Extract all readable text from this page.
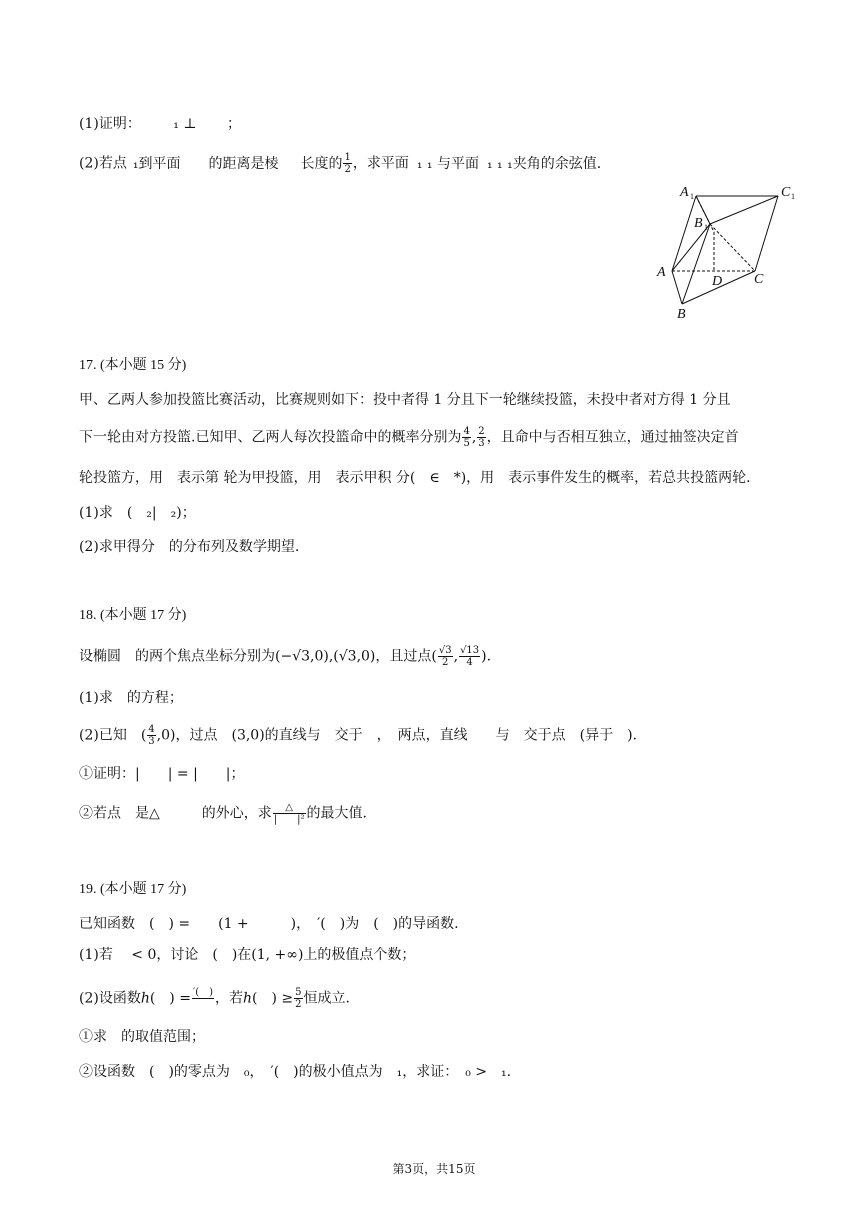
(1)证明： ₁ ⊥ ；
(2)若点 ₁到平面 的距离是棱 长度的 $\frac{1}{2}$ ，求平面 ₁ ₁ 与平面 ₁ ₁ ₁夹角的余弦值.
A 1	C 1
B 1
A
D C
B
17. (本小题 15 分)
甲、乙两人参加投篮比赛活动，比赛规则如下：投中者得 1 分且下一轮继续投篮，未投中者对方得 1 分且
下一轮由对方投篮.已知甲、乙两人每次投篮命中的概率分别为 $\frac{4}{5}$ , $\frac{2}{3}$ ，且命中与否相互独立，通过抽签决定首
轮投篮方，用　表示第 轮为甲投篮，用　表示甲积 分(　∈　*)，用　表示事件发生的概率，若总共投篮两轮.
(1)求　(　₂|　₂)；
(2)求甲得分　的分布列及数学期望.
18. (本小题 17 分)
设椭圆　的两个焦点坐标分别为(−√3,0),(√3,0)，且过点( $\frac{√3}{2}$ , $\frac{√13}{4}$ ).
(1)求　的方程；
(2)已知　( $\frac{4}{3} ,0$)，过点　(3,0)的直线与　交于　，　两点，直线　　与　交于点　(异于　).
①证明：|　　| = |　　|；
②若点　是△　　　的外心，求 $\frac{\triangle}{\text{|　　|²}}$ 的最大值.
19. (本小题 17 分)
已知函数　(　) =　　(1 +　　　)，　′(　)为　(　)的导函数.
(1)若　 < 0，讨论　(　)在(1, +∞)上的极值点个数；
(2)设函数ℎ(　) = ′(　) ，若ℎ(　) ≥ $\frac{5}{2}$ 恒成立.
①求　的取值范围；
②设函数　(　)的零点为　₀，　′(　)的极小值点为　₁，求证：　₀ >　₁.
第3页，共15页
